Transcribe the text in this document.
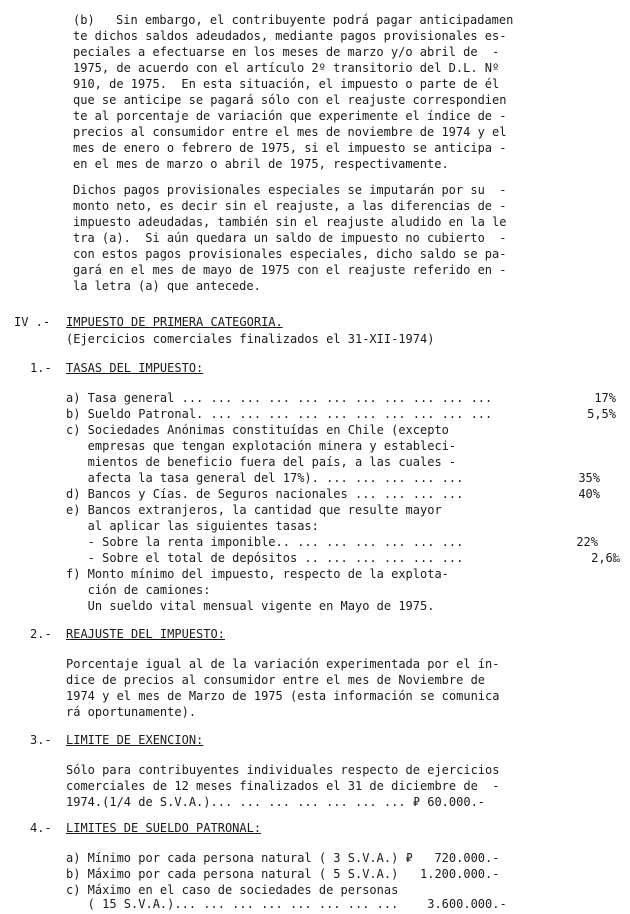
(b) Sin embargo, el contribuyente podrá pagar anticipadamen
te dichos saldos adeudados, mediante pagos provisionales es-
peciales a efectuarse en los meses de marzo y/o abril de  -
1975, de acuerdo con el artículo 2º transitorio del D.L. Nº
910, de 1975.  En esta situación, el impuesto o parte de él
que se anticipe se pagará sólo con el reajuste correspondien
te al porcentaje de variación que experimente el índice de -
precios al consumidor entre el mes de noviembre de 1974 y el
mes de enero o febrero de 1975, si el impuesto se anticipa -
en el mes de marzo o abril de 1975, respectivamente.
Dichos pagos provisionales especiales se imputarán por su  -
monto neto, es decir sin el reajuste, a las diferencias de -
impuesto adeudadas, también sin el reajuste aludido en la le
tra (a).  Si aún quedara un saldo de impuesto no cubierto  -
con estos pagos provisionales especiales, dicho saldo se pa-
gará en el mes de mayo de 1975 con el reajuste referido en -
la letra (a) que antecede.
IV .- IMPUESTO DE PRIMERA CATEGORIA.
(Ejercicios comerciales finalizados el 31-XII-1974)
1.- TASAS DEL IMPUESTO:
a) Tasa general ... ... ... ... ... ... ... ... ... ... ...	17%
b) Sueldo Patronal. ... ... ... ... ... ... ... ... ... ...	5,5%
c) Sociedades Anónimas constituídas en Chile (excepto
empresas que tengan explotación minera y estableci-
mientos de beneficio fuera del país, a las cuales -
afecta la tasa general del 17%). ... ... ... ... ...	35%
d) Bancos y Cías. de Seguros nacionales ... ... ... ...	40%
e) Bancos extranjeros, la cantidad que resulte mayor
al aplicar las siguientes tasas:
- Sobre la renta imponible.. ... ... ... ... ... ...	22%
- Sobre el total de depósitos .. ... ... ... ... ...	2,6‰
f) Monto mínimo del impuesto, respecto de la explota-
ción de camiones:
Un sueldo vital mensual vigente en Mayo de 1975.
2.- REAJUSTE DEL IMPUESTO:
Porcentaje igual al de la variación experimentada por el ín-
dice de precios al consumidor entre el mes de Noviembre de
1974 y el mes de Marzo de 1975 (esta información se comunica
rá oportunamente).
3.- LIMITE DE EXENCION:
Sólo para contribuyentes individuales respecto de ejercicios
comerciales de 12 meses finalizados el 31 de diciembre de  -
1974.(1/4 de S.V.A.)... ... ... ... ... ... ... ₽ 60.000.-
4.- LIMITES DE SUELDO PATRONAL:
a) Mínimo por cada persona natural ( 3 S.V.A.) ₽   720.000.-
b) Máximo por cada persona natural ( 5 S.V.A.)   1.200.000.-
c) Máximo en el caso de sociedades de personas
( 15 S.V.A.)... ... ... ... ... ... ... ...    3.600.000.-
